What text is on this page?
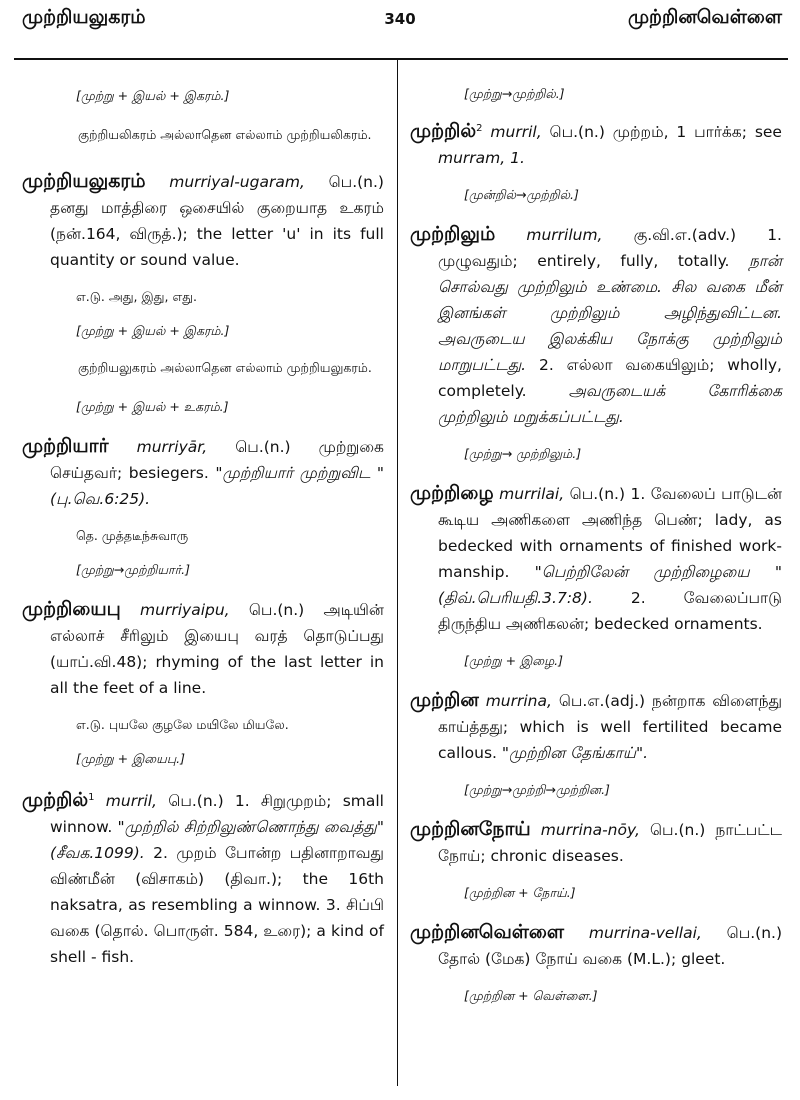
340
முற்றியலுகரம்	முற்றினவெள்ளை

[முற்று + இயல் + இகரம்.]

குற்றியலிகரம் அல்லாதென எல்லாம் முற்றியலிகரம்.

முற்றியலுகரம் murriyal-ugaram, பெ.(n.) தனது மாத்திரை ஒசையில் குறையாத உகரம் (நன்.164, விருத்.); the letter 'u' in its full quantity or sound value.

எ.டு. அது, இது, எது.

[முற்று + இயல் + இகரம்.]

குற்றியலுகரம் அல்லாதென எல்லாம் முற்றியலுகரம்.

[முற்று + இயல் + உகரம்.]

முற்றியார் murriyār, பெ.(n.) முற்றுகை செய்தவர்; besiegers. "முற்றியார் முற்றுவிட " (பு.வெ.6:25).

தெ. முத்தடீந்சுவாரு

[முற்று→முற்றியார்.]

முற்றியைபு murriyaipu, பெ.(n.) அடியின் எல்லாச் சீரிலும் இயைபு வரத் தொடுப்பது (யாப்.வி.48); rhyming of the last letter in all the feet of a line.

எ.டு. புயலே குழலே மயிலே மியலே.

[முற்று + இயைபு.]

முற்றில்$^1$ murril, பெ.(n.) 1. சிறுமுறம்; small winnow. "முற்றில் சிற்றிலுண்ணொந்து வைத்து" (சீவக.1099). 2. முறம் போன்ற பதினாறாவது விண்மீன் (விசாகம்) (திவா.); the 16th naksatra, as resembling a winnow. 3. சிப்பி வகை (தொல். பொருள். 584, உரை); a kind of shell - fish.

[முற்று→முற்றில்.]

முற்றில்$^2$ murril, பெ.(n.) முற்றம், 1 பார்க்க; see murram, 1.

[முன்றில்→முற்றில்.]

முற்றிலும் murrilum, கு.வி.எ.(adv.) 1. முழுவதும்; entirely, fully, totally. நான் சொல்வது முற்றிலும் உண்மை. சில வகை மீன் இனங்கள் முற்றிலும் அழிந்துவிட்டன. அவருடைய இலக்கிய நோக்கு முற்றிலும் மாறுபட்டது. 2. எல்லா வகையிலும்; wholly, completely.	அவருடையக் கோரிக்கை முற்றிலும் மறுக்கப்பட்டது.

[முற்று→ முற்றிலும்.]

முற்றிழை murrilai, பெ.(n.) 1. வேலைப் பாடுடன் கூடிய அணிகளை அணிந்த பெண்; lady, as bedecked with ornaments of finished work-manship. "பெற்றிலேன் முற்றிழையை " (திவ்.பெரியதி.3.7:8). 2. வேலைப்பாடு திருந்திய அணிகலன்; bedecked ornaments.

[முற்று + இழை.]

முற்றின murrina, பெ.எ.(adj.) நன்றாக விளைந்து காய்த்தது; which is well fertilited became callous. "முற்றின தேங்காய்".

[முற்று→முற்றி→முற்றின.]

முற்றினநோய் murrina-nōy, பெ.(n.) நாட்பட்ட நோய்; chronic diseases.

[முற்றின + நோய்.]

முற்றினவெள்ளை murrina-vellai, பெ.(n.) தோல் (மேக) நோய் வகை (M.L.); gleet.

[முற்றின + வெள்ளை.]
